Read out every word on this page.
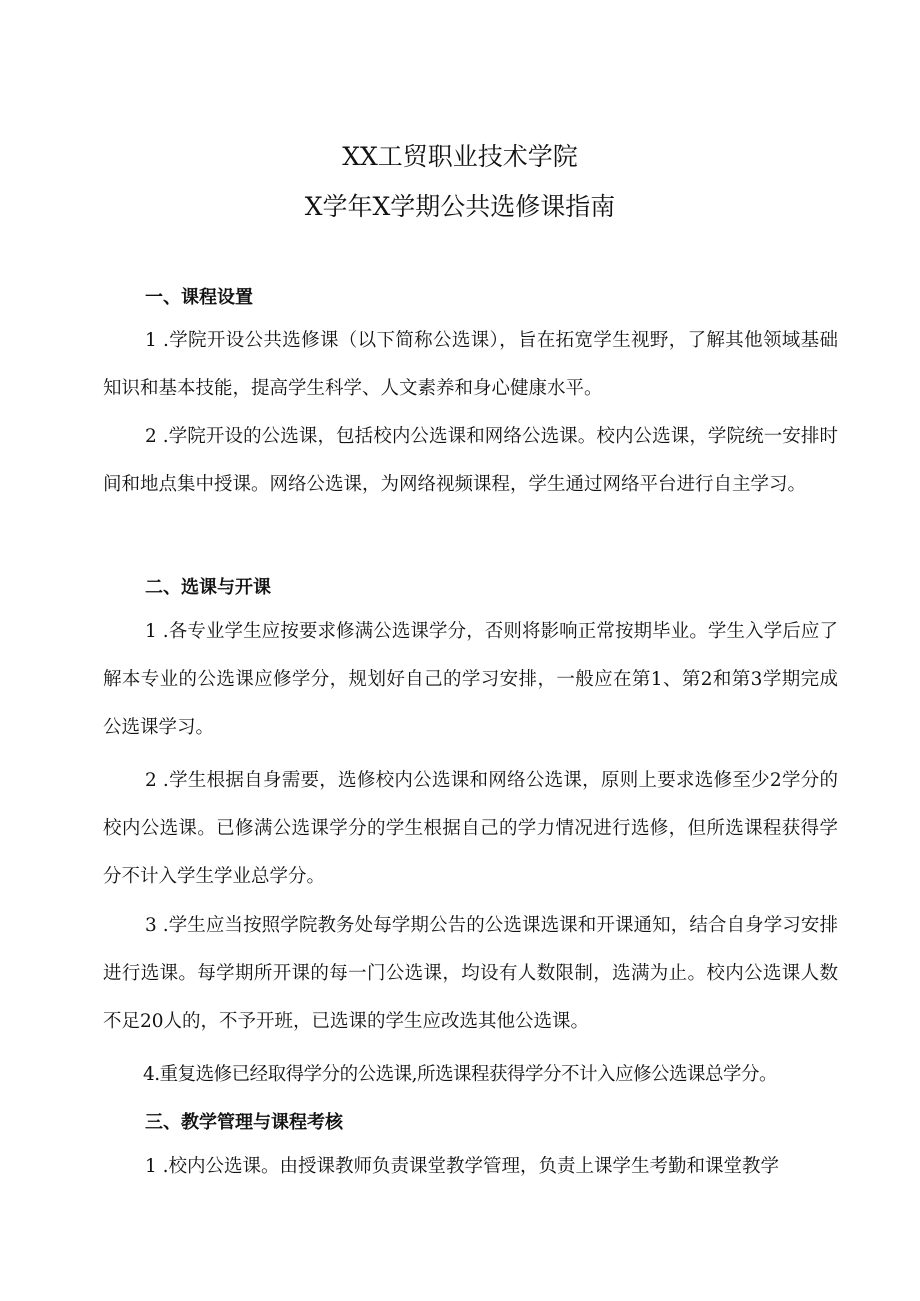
XX工贸职业技术学院
X学年X学期公共选修课指南
一、课程设置

1 .学院开设公共选修课（以下简称公选课），旨在拓宽学生视野，了解其他领域基础知识和基本技能，提高学生科学、人文素养和身心健康水平。

2 .学院开设的公选课，包括校内公选课和网络公选课。校内公选课，学院统一安排时间和地点集中授课。网络公选课，为网络视频课程，学生通过网络平台进行自主学习。

二、选课与开课

1 .各专业学生应按要求修满公选课学分，否则将影响正常按期毕业。学生入学后应了解本专业的公选课应修学分，规划好自己的学习安排，一般应在第1、第2和第3学期完成公选课学习。

2 .学生根据自身需要，选修校内公选课和网络公选课，原则上要求选修至少2学分的校内公选课。已修满公选课学分的学生根据自己的学力情况进行选修，但所选课程获得学分不计入学生学业总学分。

3 .学生应当按照学院教务处每学期公告的公选课选课和开课通知，结合自身学习安排进行选课。每学期所开课的每一门公选课，均设有人数限制，选满为止。校内公选课人数不足20人的，不予开班，已选课的学生应改选其他公选课。

4.重复选修已经取得学分的公选课,所选课程获得学分不计入应修公选课总学分。

三、教学管理与课程考核

1 .校内公选课。由授课教师负责课堂教学管理，负责上课学生考勤和课堂教学
